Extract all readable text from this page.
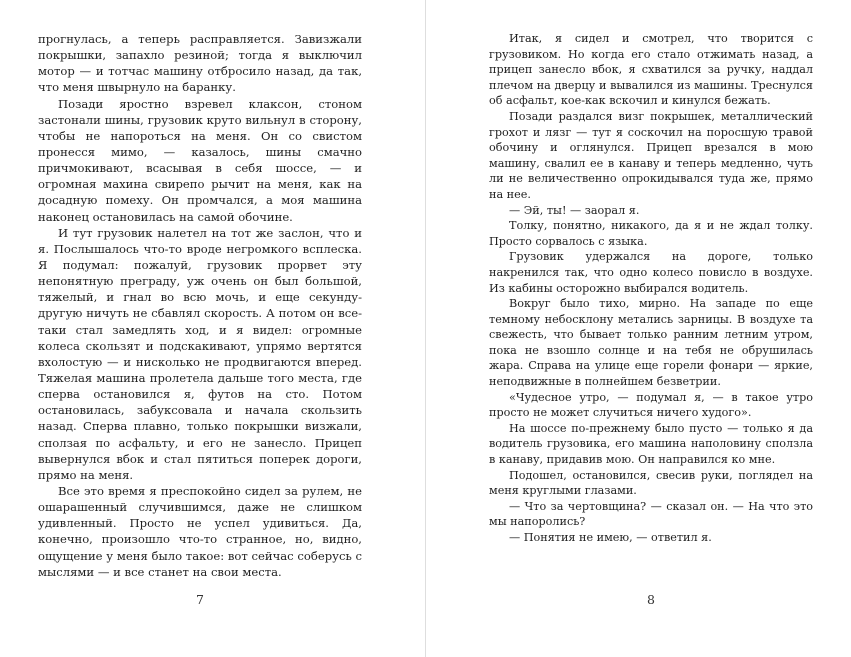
прогнулась, а теперь расправляется. Завизжали покрышки, запахло резиной; тогда я выключил мотор — и тотчас машину отбросило назад, да так, что меня швырнуло на баранку.

Позади яростно взревел клаксон, стоном застонали шины, грузовик круто вильнул в сторону, чтобы не напороться на меня. Он со свистом пронесся мимо, — казалось, шины смачно причмокивают, всасывая в себя шоссе, — и огромная махина свирепо рычит на меня, как на досадную помеху. Он промчался, а моя машина наконец остановилась на самой обочине.

И тут грузовик налетел на тот же заслон, что и я. Послышалось что-то вроде негромкого всплеска. Я подумал: пожалуй, грузовик прорвет эту непонятную преграду, уж очень он был большой, тяжелый, и гнал во всю мочь, и еще секунду-другую ничуть не сбавлял скорость. А потом он все-таки стал замедлять ход, и я видел: огромные колеса скользят и подскакивают, упрямо вертятся вхолостую — и нисколько не продвигаются вперед. Тяжелая машина пролетела дальше того места, где сперва остановился я, футов на сто. Потом остановилась, забуксовала и начала скользить назад. Сперва плавно, только покрышки визжали, сползая по асфальту, и его не занесло. Прицеп вывернулся вбок и стал пятиться поперек дороги, прямо на меня.

Все это время я преспокойно сидел за рулем, не ошарашенный случившимся, даже не слишком удивленный. Просто не успел удивиться. Да, конечно, произошло что-то странное, но, видно, ощущение у меня было такое: вот сейчас соберусь с мыслями — и все станет на свои места.

7

Итак, я сидел и смотрел, что творится с грузовиком. Но когда его стало отжимать назад, а прицеп занесло вбок, я схватился за ручку, наддал плечом на дверцу и вывалился из машины. Треснулся об асфальт, кое-как вскочил и кинулся бежать.

Позади раздался визг покрышек, металлический грохот и лязг — тут я соскочил на поросшую травой обочину и оглянулся. Прицеп врезался в мою машину, свалил ее в канаву и теперь медленно, чуть ли не величественно опрокидывался туда же, прямо на нее.

— Эй, ты! — заорал я.

Толку, понятно, никакого, да я и не ждал толку. Просто сорвалось с языка.

Грузовик удержался на дороге, только накренился так, что одно колесо повисло в воздухе. Из кабины осторожно выбирался водитель.

Вокруг было тихо, мирно. На западе по еще темному небосклону метались зарницы. В воздухе та свежесть, что бывает только ранним летним утром, пока не взошло солнце и на тебя не обрушилась жара. Справа на улице еще горели фонари — яркие, неподвижные в полнейшем безветрии.

«Чудесное утро, — подумал я, — в такое утро просто не может случиться ничего худого».

На шоссе по-прежнему было пусто — только я да водитель грузовика, его машина наполовину сползла в канаву, придавив мою. Он направился ко мне.

Подошел, остановился, свесив руки, поглядел на меня круглыми глазами.

— Что за чертовщина? — сказал он. — На что это мы напоролись?

— Понятия не имею, — ответил я.

8
